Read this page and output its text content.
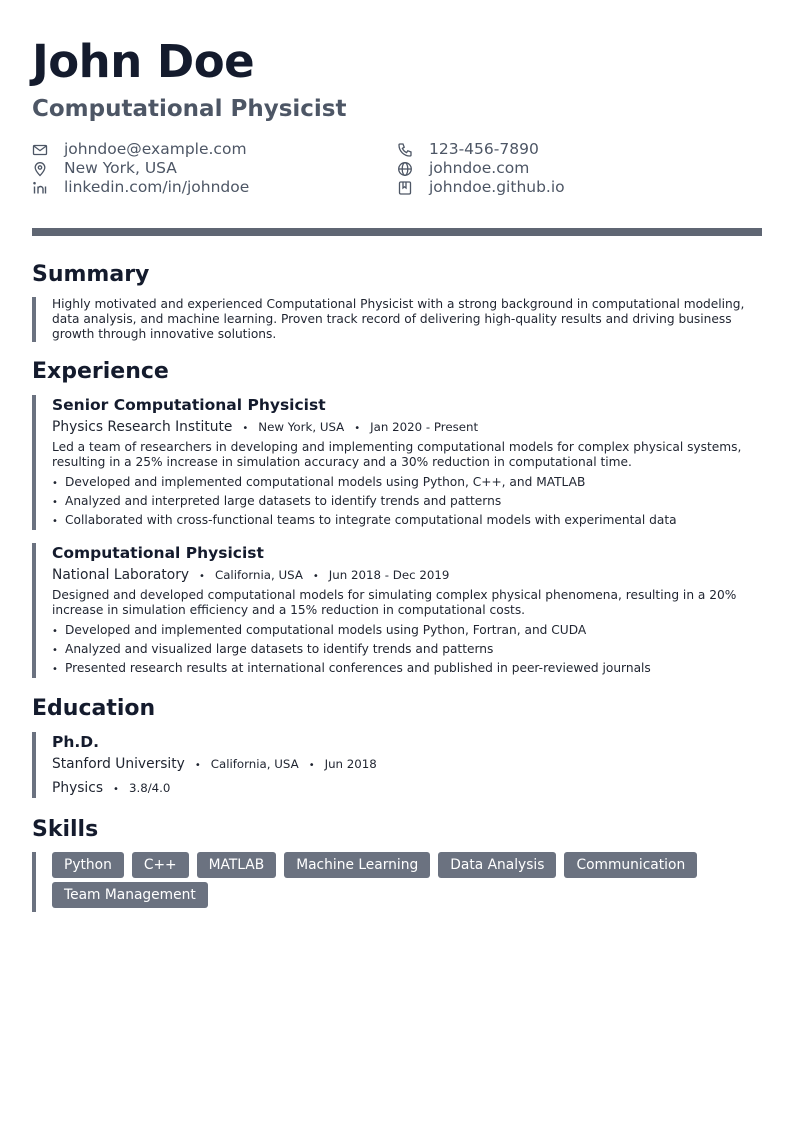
John Doe
Computational Physicist
johndoe@example.com	123-456-7890
New York, USA	johndoe.com
linkedin.com/in/johndoe	johndoe.github.io
Summary
Highly motivated and experienced Computational Physicist with a strong background in computational modeling, data analysis, and machine learning. Proven track record of delivering high-quality results and driving business growth through innovative solutions.
Experience
Senior Computational Physicist
Physics Research Institute • New York, USA • Jan 2020 - Present
Led a team of researchers in developing and implementing computational models for complex physical systems, resulting in a 25% increase in simulation accuracy and a 30% reduction in computational time.
• Developed and implemented computational models using Python, C++, and MATLAB
• Analyzed and interpreted large datasets to identify trends and patterns
• Collaborated with cross-functional teams to integrate computational models with experimental data
Computational Physicist
National Laboratory • California, USA • Jun 2018 - Dec 2019
Designed and developed computational models for simulating complex physical phenomena, resulting in a 20% increase in simulation efficiency and a 15% reduction in computational costs.
• Developed and implemented computational models using Python, Fortran, and CUDA
• Analyzed and visualized large datasets to identify trends and patterns
• Presented research results at international conferences and published in peer-reviewed journals
Education
Ph.D.
Stanford University • California, USA • Jun 2018
Physics • 3.8/4.0
Skills
Python	C++	MATLAB	Machine Learning	Data Analysis	Communication
Team Management
